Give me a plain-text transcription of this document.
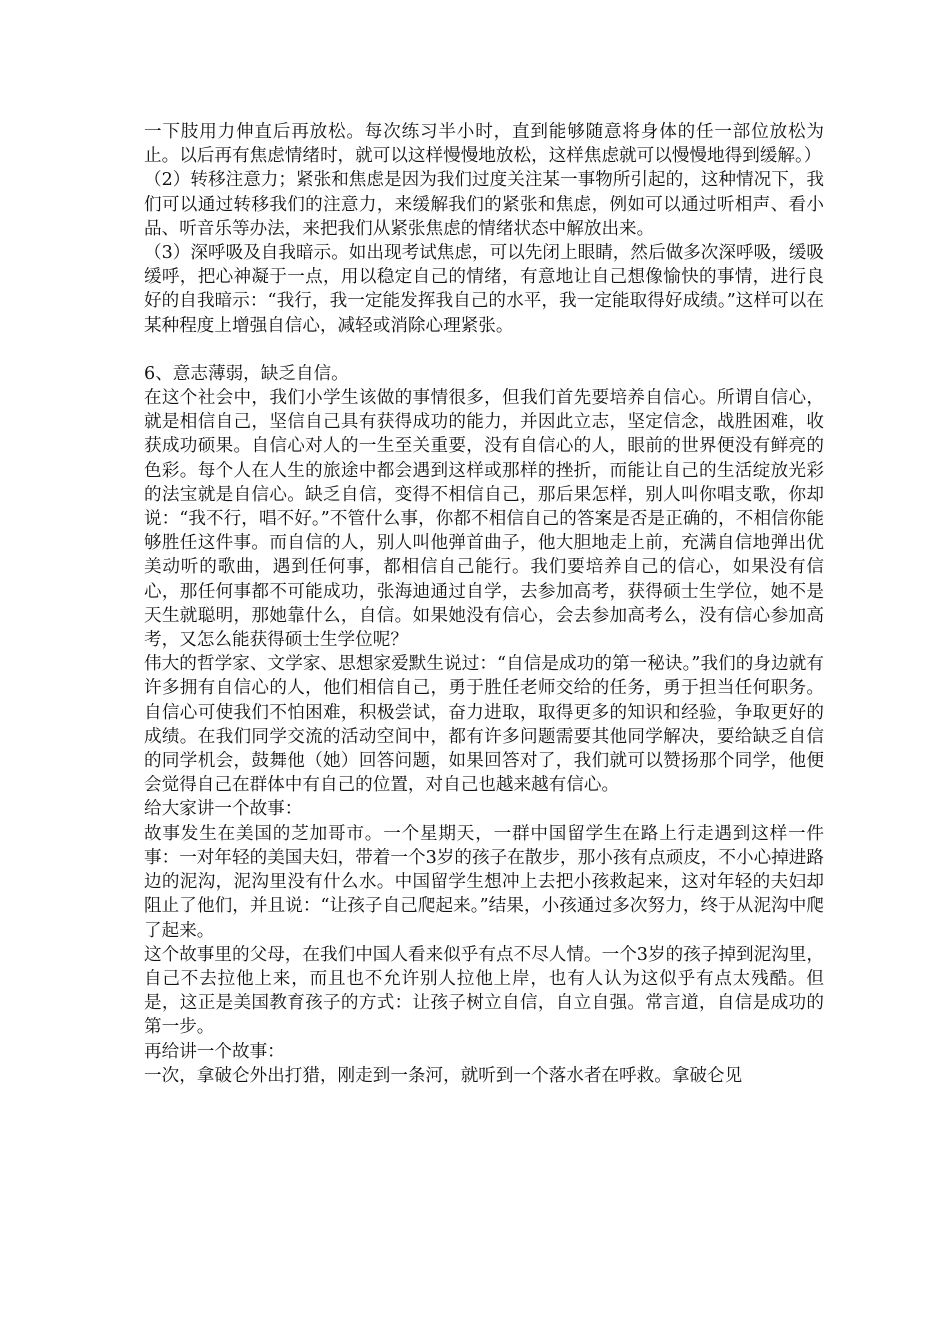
一下肢用力伸直后再放松。每次练习半小时，直到能够随意将身体的任一部位放松为止。以后再有焦虑情绪时，就可以这样慢慢地放松，这样焦虑就可以慢慢地得到缓解。）

（2）转移注意力；紧张和焦虑是因为我们过度关注某一事物所引起的，这种情况下，我们可以通过转移我们的注意力，来缓解我们的紧张和焦虑，例如可以通过听相声、看小品、听音乐等办法，来把我们从紧张焦虑的情绪状态中解放出来。

（3）深呼吸及自我暗示。如出现考试焦虑，可以先闭上眼睛，然后做多次深呼吸，缓吸缓呼，把心神凝于一点，用以稳定自己的情绪，有意地让自己想像愉快的事情，进行良好的自我暗示：“我行，我一定能发挥我自己的水平，我一定能取得好成绩。”这样可以在某种程度上增强自信心，减轻或消除心理紧张。

6、意志薄弱，缺乏自信。

在这个社会中，我们小学生该做的事情很多，但我们首先要培养自信心。所谓自信心，就是相信自己，坚信自己具有获得成功的能力，并因此立志，坚定信念，战胜困难，收获成功硕果。自信心对人的一生至关重要，没有自信心的人，眼前的世界便没有鲜亮的色彩。每个人在人生的旅途中都会遇到这样或那样的挫折，而能让自己的生活绽放光彩的法宝就是自信心。缺乏自信，变得不相信自己，那后果怎样，别人叫你唱支歌，你却说：“我不行，唱不好。”不管什么事，你都不相信自己的答案是否是正确的，不相信你能够胜任这件事。而自信的人，别人叫他弹首曲子，他大胆地走上前，充满自信地弹出优美动听的歌曲，遇到任何事，都相信自己能行。我们要培养自己的信心，如果没有信心，那任何事都不可能成功，张海迪通过自学，去参加高考，获得硕士生学位，她不是天生就聪明，那她靠什么，自信。如果她没有信心，会去参加高考么，没有信心参加高考，又怎么能获得硕士生学位呢？

伟大的哲学家、文学家、思想家爱默生说过：“自信是成功的第一秘诀。”我们的身边就有许多拥有自信心的人，他们相信自己，勇于胜任老师交给的任务，勇于担当任何职务。自信心可使我们不怕困难，积极尝试，奋力进取，取得更多的知识和经验，争取更好的成绩。在我们同学交流的活动空间中，都有许多问题需要其他同学解决，要给缺乏自信的同学机会，鼓舞他（她）回答问题，如果回答对了，我们就可以赞扬那个同学，他便会觉得自己在群体中有自己的位置，对自己也越来越有信心。

给大家讲一个故事：

故事发生在美国的芝加哥市。一个星期天，一群中国留学生在路上行走遇到这样一件事：一对年轻的美国夫妇，带着一个3岁的孩子在散步，那小孩有点顽皮，不小心掉进路边的泥沟，泥沟里没有什么水。中国留学生想冲上去把小孩救起来，这对年轻的夫妇却阻止了他们，并且说：“让孩子自己爬起来。”结果，小孩通过多次努力，终于从泥沟中爬了起来。

这个故事里的父母，在我们中国人看来似乎有点不尽人情。一个3岁的孩子掉到泥沟里，自己不去拉他上来，而且也不允许别人拉他上岸，也有人认为这似乎有点太残酷。但是，这正是美国教育孩子的方式：让孩子树立自信，自立自强。常言道，自信是成功的第一步。

再给讲一个故事：

一次，拿破仑外出打猎，刚走到一条河，就听到一个落水者在呼救。拿破仑见
